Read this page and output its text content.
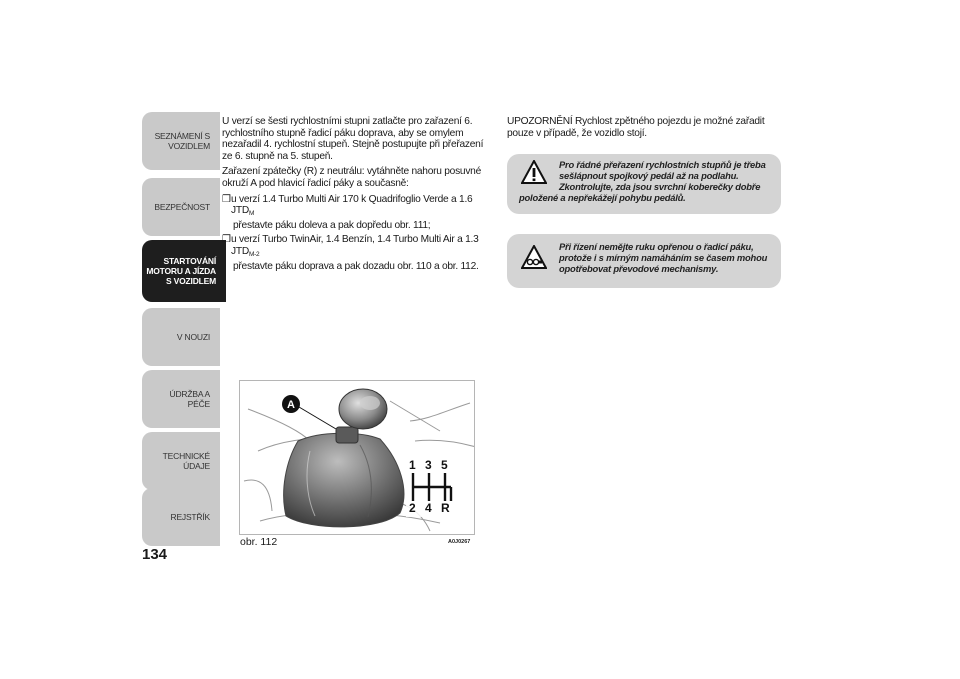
SEZNÁMENÍ S
VOZIDLEM
BEZPEČNOST
STARTOVÁNÍ
MOTORU A JÍZDA
S VOZIDLEM
V NOUZI
ÚDRŽBA A PÉČE
TECHNICKÉ ÚDAJE
REJSTŘÍK
134

U verzí se šesti rychlostními stupni zatlačte pro zařazení 6. rychlostního stupně řadicí páku doprava, aby se omylem nezařadil 4. rychlostní stupeň. Stejně postupujte při přeřazení ze 6. stupně na 5. stupeň.

Zařazení zpátečky (R) z neutrálu: vytáhněte nahoru posuvné okruží A pod hlavicí řadicí páky a současně:

❒ u verzí 1.4 Turbo Multi Air 170 k Quadrifoglio Verde a 1.6 $JTD_M$
přestavte páku doleva a pak dopředu obr. 111;
❒ u verzí Turbo TwinAir, 1.4 Benzín, 1.4 Turbo Multi Air a 1.3 $JTD_{M-2}$
přestavte páku doprava a pak dozadu obr. 110 a obr. 112.

UPOZORNĚNÍ Rychlost zpětného pojezdu je možné zařadit pouze v případě, že vozidlo stojí.

Pro řádné přeřazení rychlostních stupňů je třeba sešlápnout spojkový pedál až na podlahu. Zkontrolujte, zda jsou svrchní koberečky dobře
položené a nepřekážejí pohybu pedálů.
Při řízení nemějte ruku opřenou o řadicí páku, protože i s mírným namáháním se časem mohou opotřebovat převodové mechanismy.
A
1 3 5
2 4 R
obr. 112	A0J0267
